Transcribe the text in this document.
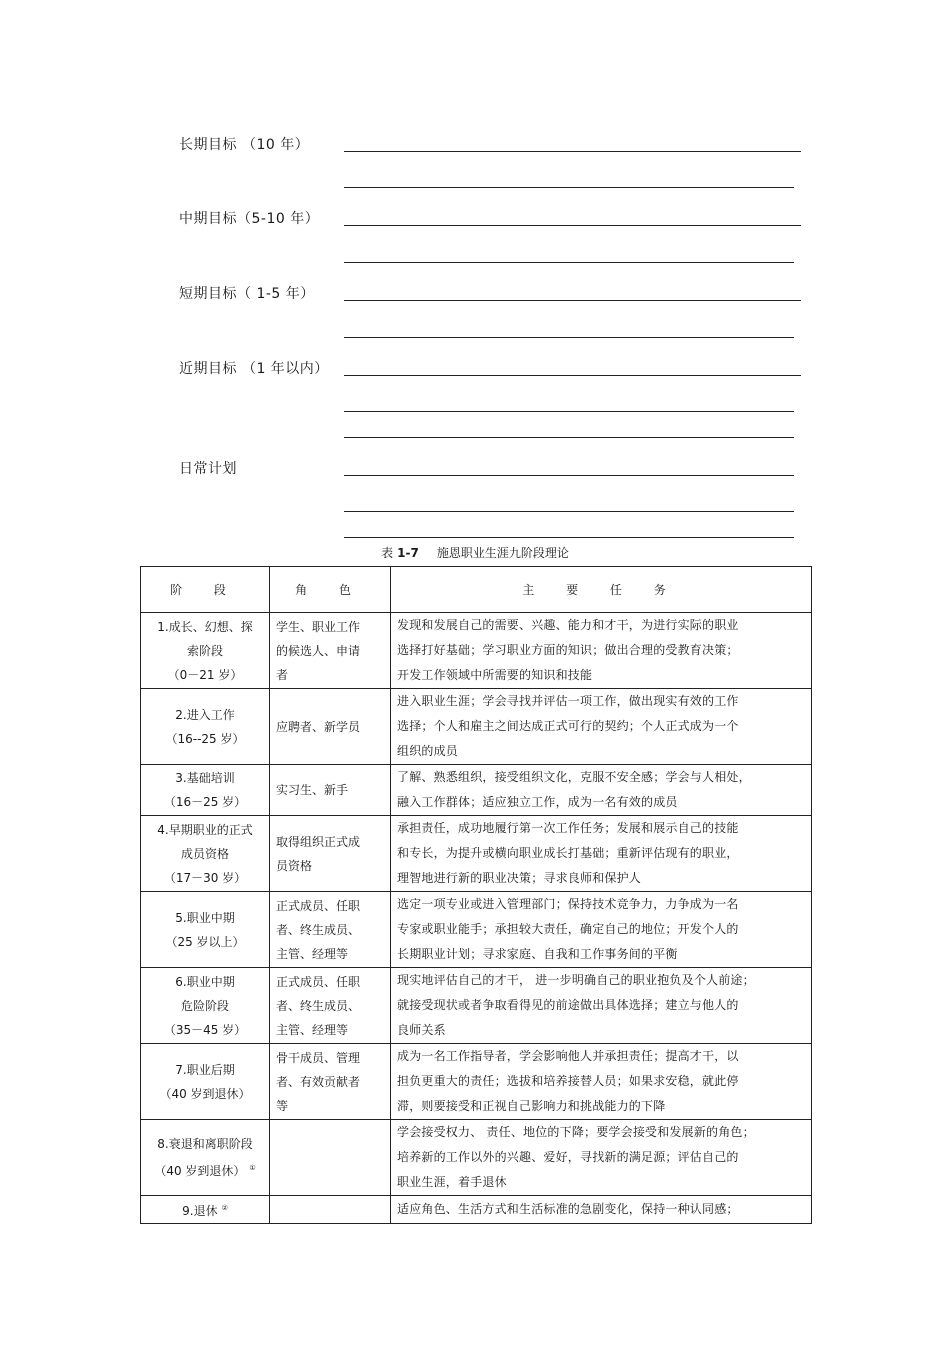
长期目标 （10 年）
中期目标（5-10 年）
短期目标（ 1-5 年）
近期目标 （1 年以内）
日常计划
表 1-7 施恩职业生涯九阶段理论
阶 段	角 色	主 要 任 务

1.成长、幻想、探
索阶段
（0－21 岁）	学生、职业工作
的候选人、申请
者	发现和发展自己的需要、兴趣、能力和才干，为进行实际的职业
选择打好基础；学习职业方面的知识；做出合理的受教育决策；
开发工作领域中所需要的知识和技能

2.进入工作
（16--25 岁）	应聘者、新学员	进入职业生涯；学会寻找并评估一项工作，做出现实有效的工作
选择；个人和雇主之间达成正式可行的契约；个人正式成为一个
组织的成员

3.基础培训
（16－25 岁）	实习生、新手	了解、熟悉组织，接受组织文化，克服不安全感；学会与人相处，
融入工作群体；适应独立工作，成为一名有效的成员

4.早期职业的正式
成员资格
（17－30 岁）	取得组织正式成
员资格	承担责任，成功地履行第一次工作任务；发展和展示自己的技能
和专长，为提升或横向职业成长打基础；重新评估现有的职业，
理智地进行新的职业决策；寻求良师和保护人

5.职业中期
（25 岁以上）	正式成员、任职
者、终生成员、
主管、经理等	选定一项专业或进入管理部门；保持技术竞争力，力争成为一名
专家或职业能手；承担较大责任，确定自己的地位；开发个人的
长期职业计划；寻求家庭、自我和工作事务间的平衡

6.职业中期
危险阶段
（35－45 岁）	正式成员、任职
者、终生成员、
主管、经理等	现实地评估自己的才干， 进一步明确自己的职业抱负及个人前途；
就接受现状或者争取看得见的前途做出具体选择；建立与他人的
良师关系

7.职业后期
（40 岁到退休）	骨干成员、管理
者、有效贡献者
等	成为一名工作指导者，学会影响他人并承担责任；提高才干，以
担负更重大的责任；选拔和培养接替人员；如果求安稳，就此停
滞，则要接受和正视自己影响力和挑战能力的下降

8.衰退和离职阶段
（40 岁到退休） ①		学会接受权力、 责任、地位的下降；要学会接受和发展新的角色；
培养新的工作以外的兴趣、爱好，寻找新的满足源；评估自己的
职业生涯，着手退休

9.退休 ②		适应角色、生活方式和生活标准的急剧变化，保持一种认同感；
